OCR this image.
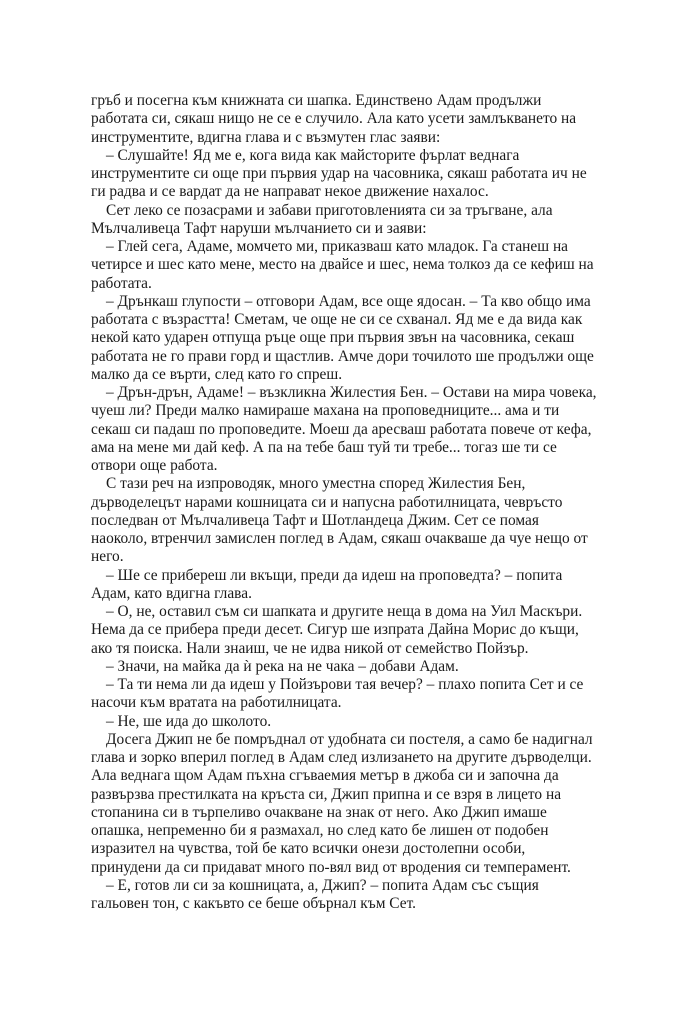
гръб и посегна към книжната си шапка. Единствено Адам продължи
работата си, сякаш нищо не се е случило. Ала като усети замлъкването на
инструментите, вдигна глава и с възмутен глас заяви:
– Слушайте! Яд ме е, кога вида как майсторите фърлат веднага
инструментите си още при първия удар на часовника, сякаш работата ич не
ги радва и се вардат да не направат некое движение нахалос.
Сет леко се позасрами и забави приготовленията си за тръгване, ала
Мълчаливеца Тафт наруши мълчанието си и заяви:
– Глей сега, Адаме, момчето ми, приказваш като младок. Га станеш на
четирсе и шес като мене, место на двайсе и шес, нема толкоз да се кефиш на
работата.
– Дрънкаш глупости – отговори Адам, все още ядосан. – Та кво общо има
работата с възрастта! Сметам, че още не си се схванал. Яд ме е да вида как
некой като ударен отпуща ръце още при първия звън на часовника, секаш
работата не го прави горд и щастлив. Амче дори точилото ше продължи още
малко да се върти, след като го спреш.
– Дрън-дрън, Адаме! – възкликна Жилестия Бен. – Остави на мира човека,
чуеш ли? Преди малко намираше махана на проповедниците... ама и ти
секаш си падаш по проповедите. Моеш да аресваш работата повече от кефа,
ама на мене ми дай кеф. А па на тебе баш туй ти требе... тогаз ше ти се
отвори още работа.
С тази реч на изпроводяк, много уместна според Жилестия Бен,
дърводелецът нарами кошницата си и напусна работилницата, чевръсто
последван от Мълчаливеца Тафт и Шотландеца Джим. Сет се помая
наоколо, втренчил замислен поглед в Адам, сякаш очакваше да чуе нещо от
него.
– Ше се прибереш ли вкъщи, преди да идеш на проповедта? – попита
Адам, като вдигна глава.
– О, не, оставил съм си шапката и другите неща в дома на Уил Маскъри.
Нема да се прибера преди десет. Сигур ше изпрата Дайна Морис до къщи,
ако тя поиска. Нали знаиш, че не идва никой от семейство Пойзър.
– Значи, на майка да ѝ река на не чака – добави Адам.
– Та ти нема ли да идеш у Пойзърови тая вечер? – плахо попита Сет и се
насочи към вратата на работилницата.
– Не, ше ида до школото.
Досега Джип не бе помръднал от удобната си постеля, а само бе надигнал
глава и зорко вперил поглед в Адам след излизането на другите дърводелци.
Ала веднага щом Адам пъхна сгъваемия метър в джоба си и започна да
развързва престилката на кръста си, Джип припна и се взря в лицето на
стопанина си в търпеливо очакване на знак от него. Ако Джип имаше
опашка, непременно би я размахал, но след като бе лишен от подобен
изразител на чувства, той бе като всички онези достолепни особи,
принудени да си придават много по-вял вид от вродения си темперамент.
– Е, готов ли си за кошницата, а, Джип? – попита Адам със същия
гальовен тон, с какъвто се беше обърнал към Сет.
